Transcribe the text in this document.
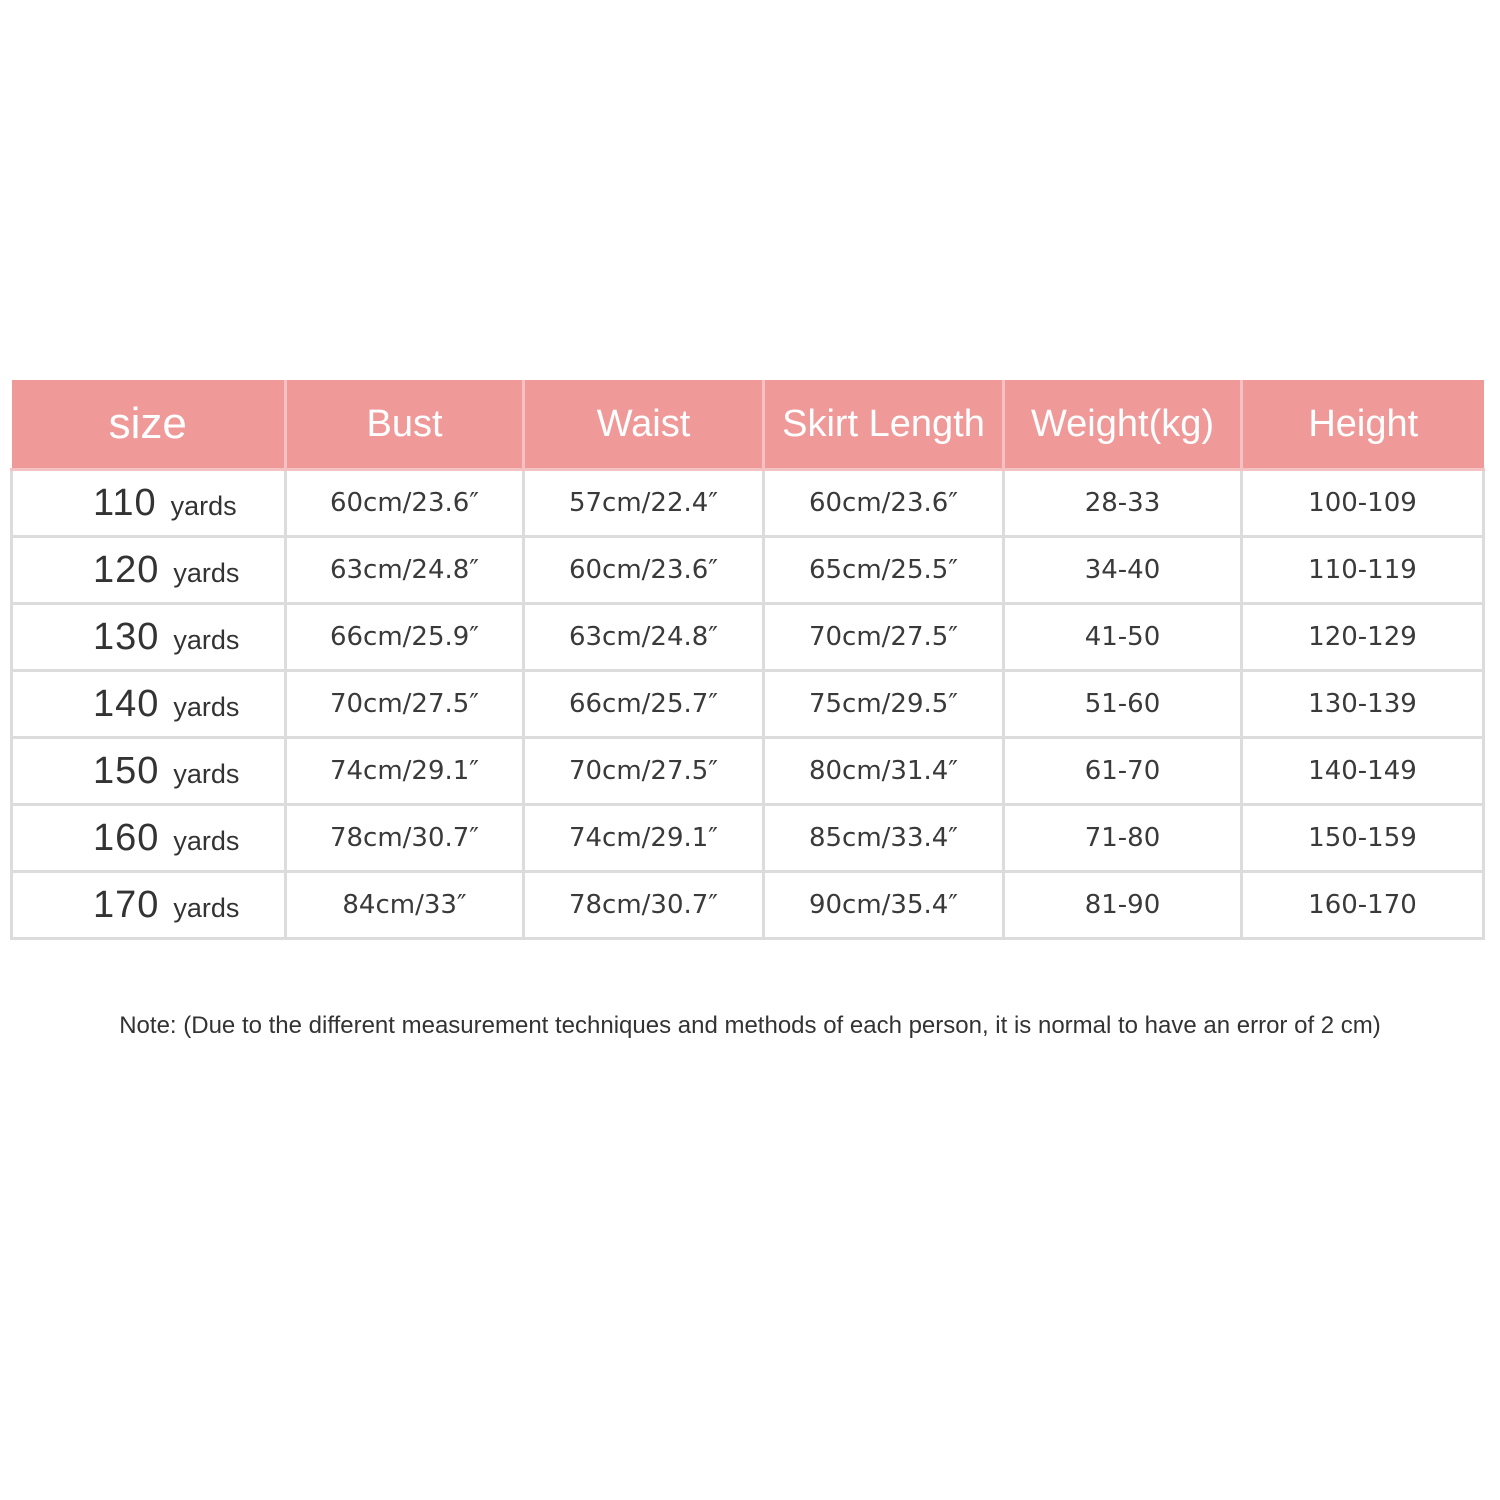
size	Bust	Waist	Skirt Length	Weight(kg)	Height
110 yards	60cm/23.6″	57cm/22.4″	60cm/23.6″	28-33	100-109
120 yards	63cm/24.8″	60cm/23.6″	65cm/25.5″	34-40	110-119
130 yards	66cm/25.9″	63cm/24.8″	70cm/27.5″	41-50	120-129
140 yards	70cm/27.5″	66cm/25.7″	75cm/29.5″	51-60	130-139
150 yards	74cm/29.1″	70cm/27.5″	80cm/31.4″	61-70	140-149
160 yards	78cm/30.7″	74cm/29.1″	85cm/33.4″	71-80	150-159
170 yards	84cm/33″	78cm/30.7″	90cm/35.4″	81-90	160-170
Note: (Due to the different measurement techniques and methods of each person, it is normal to have an error of 2 cm)
